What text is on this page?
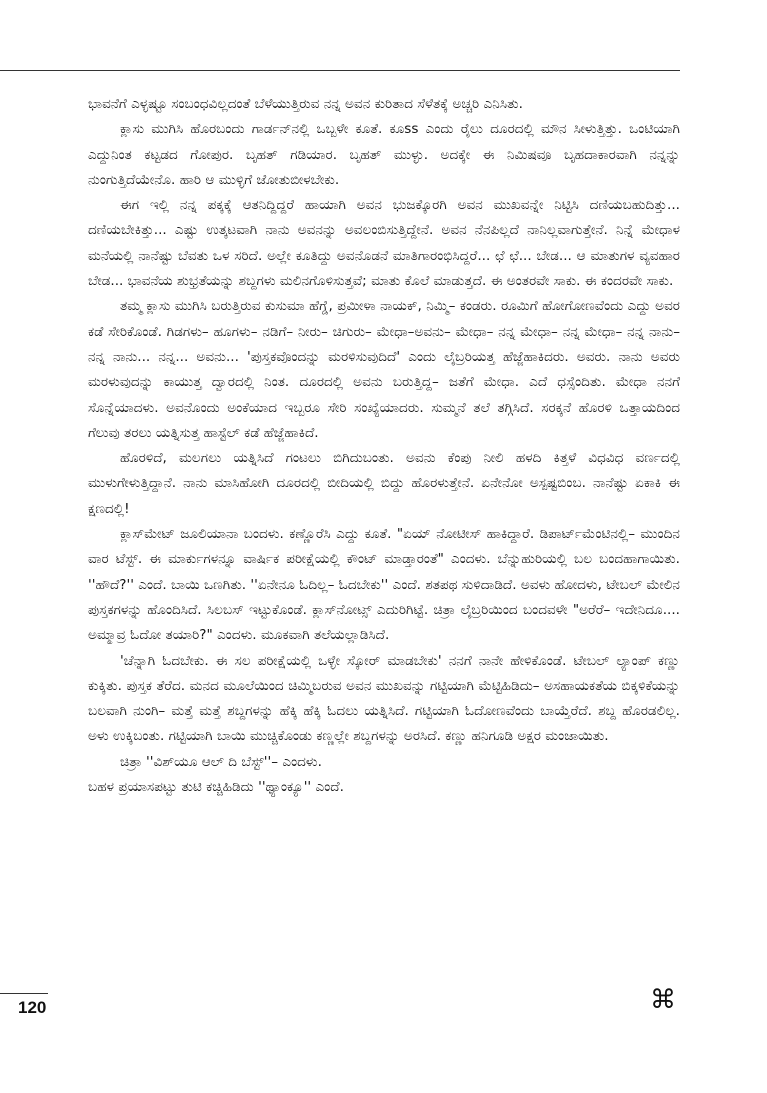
ಭಾವನೆಗೆ ಎಳ್ಳಷ್ಟೂ ಸಂಬಂಧವಿಲ್ಲದಂತೆ ಬೆಳೆಯುತ್ತಿರುವ ನನ್ನ ಅವನ ಕುರಿತಾದ ಸೆಳೆತಕ್ಕೆ ಅಚ್ಚರಿ ಎನಿಸಿತು.

ಕ್ಲಾಸು ಮುಗಿಸಿ ಹೊರಬಂದು ಗಾರ್ಡನ್‌ನಲ್ಲಿ ಒಬ್ಬಳೇ ಕೂತೆ. ಕೂss ಎಂದು ರೈಲು ದೂರದಲ್ಲಿ ಮೌನ ಸೀಳುತ್ತಿತ್ತು. ಒಂಟಿಯಾಗಿ ಎದ್ದುನಿಂತ ಕಟ್ಟಡದ ಗೋಪುರ. ಬೃಹತ್ ಗಡಿಯಾರ. ಬೃಹತ್ ಮುಳ್ಳು. ಅದಕ್ಕೇ ಈ ನಿಮಿಷವೂ ಬೃಹದಾಕಾರವಾಗಿ ನನ್ನನ್ನು ನುಂಗುತ್ತಿದೆಯೇನೊ. ಹಾರಿ ಆ ಮುಳ್ಳಿಗೆ ಜೋತುಬೀಳಬೇಕು.

ಈಗ ಇಲ್ಲಿ ನನ್ನ ಪಕ್ಕಕ್ಕೆ ಆತನಿದ್ದಿದ್ದರೆ ಹಾಯಾಗಿ ಅವನ ಭುಜಕ್ಕೊರಗಿ ಅವನ ಮುಖವನ್ನೇ ನಿಟ್ಟಿಸಿ ದಣಿಯಬಹುದಿತ್ತು... ದಣಿಯಬೇಕಿತ್ತು... ಎಷ್ಟು ಉತ್ಕಟವಾಗಿ ನಾನು ಅವನನ್ನು ಅವಲಂಬಿಸುತ್ತಿದ್ದೇನೆ. ಅವನ ನೆನಪಿಲ್ಲದೆ ನಾನಿಲ್ಲವಾಗುತ್ತೇನೆ. ನಿನ್ನೆ ಮೇಧಾಳ ಮನೆಯಲ್ಲಿ ನಾನೆಷ್ಟು ಬೆವತು ಒಳ ಸರಿದೆ. ಅಲ್ಲೇ ಕೂತಿದ್ದು ಅವನೊಡನೆ ಮಾತಿಗಾರಂಭಿಸಿದ್ದರೆ... ಛೆ ಛೆ... ಬೇಡ... ಆ ಮಾತುಗಳ ವ್ಯವಹಾರ ಬೇಡ... ಭಾವನೆಯ ಶುಭ್ರತೆಯನ್ನು ಶಬ್ದಗಳು ಮಲಿನಗೊಳಿಸುತ್ತವೆ; ಮಾತು ಕೊಲೆ ಮಾಡುತ್ತದೆ. ಈ ಅಂತರವೇ ಸಾಕು. ಈ ಕಂದರವೇ ಸಾಕು.

ತಮ್ಮ ಕ್ಲಾಸು ಮುಗಿಸಿ ಬರುತ್ತಿರುವ ಕುಸುಮಾ ಹೆಗ್ಡೆ, ಪ್ರಮೀಳಾ ನಾಯಕ್, ನಿಮ್ಮಿ– ಕಂಡರು. ರೂಮಿಗೆ ಹೋಗೋಣವೆಂದು ಎದ್ದು ಅವರ ಕಡೆ ಸೇರಿಕೊಂಡೆ. ಗಿಡಗಳು– ಹೂಗಳು– ನಡಿಗೆ– ನೀರು– ಚಿಗುರು– ಮೇಧಾ–ಅವನು– ಮೇಧಾ– ನನ್ನ ಮೇಧಾ– ನನ್ನ ಮೇಧಾ– ನನ್ನ ನಾನು– ನನ್ನ ನಾನು... ನನ್ನ... ಅವನು... 'ಪುಸ್ತಕವೊಂದನ್ನು ಮರಳಿಸುವುದಿದೆ' ಎಂದು ಲೈಬ್ರರಿಯತ್ತ ಹೆಜ್ಜೆಹಾಕಿದರು. ಅವರು. ನಾನು ಅವರು ಮರಳುವುದನ್ನು ಕಾಯುತ್ತ ದ್ವಾರದಲ್ಲಿ ನಿಂತ. ದೂರದಲ್ಲಿ ಅವನು ಬರುತ್ತಿದ್ದ– ಜತೆಗೆ ಮೇಧಾ. ಎದೆ ಧಸ್ಸೆಂದಿತು. ಮೇಧಾ ನನಗೆ ಸೊನ್ನೆಯಾದಳು. ಅವನೊಂದು ಅಂಕೆಯಾದ ಇಬ್ಬರೂ ಸೇರಿ ಸಂಖ್ಯೆಯಾದರು. ಸುಮ್ಮನೆ ತಲೆ ತಗ್ಗಿಸಿದೆ. ಸರಕ್ಕನೆ ಹೊರಳಿ ಒತ್ತಾಯದಿಂದ ಗೆಲುವು ತರಲು ಯತ್ನಿಸುತ್ತ ಹಾಸ್ಟೆಲ್ ಕಡೆ ಹೆಜ್ಜೆಹಾಕಿದೆ.

ಹೊರಳಿದೆ, ಮಲಗಲು ಯತ್ನಿಸಿದೆ ಗಂಟಲು ಬಿಗಿದುಬಂತು. ಅವನು ಕೆಂಪು ನೀಲಿ ಹಳದಿ ಕಿತ್ತಳೆ ವಿಧವಿಧ ವರ್ಣದಲ್ಲಿ ಮುಳುಗೇಳುತ್ತಿದ್ದಾನೆ. ನಾನು ಮಾಸಿಹೋಗಿ ದೂರದಲ್ಲಿ ಬೀದಿಯಲ್ಲಿ ಬಿದ್ದು ಹೊರಳುತ್ತೇನೆ. ಏನೇನೋ ಅಸ್ಪಷ್ಟಬಿಂಬ. ನಾನೆಷ್ಟು ಏಕಾಕಿ ಈ ಕ್ಷಣದಲ್ಲಿ!

ಕ್ಲಾಸ್‌ಮೇಟ್ ಜೂಲಿಯಾನಾ ಬಂದಳು. ಕಣ್ಣೊರೆಸಿ ಎದ್ದು ಕೂತೆ. "ಏಯ್ ನೋಟೀಸ್ ಹಾಕಿದ್ದಾರೆ. ಡಿಪಾರ್ಟ್‌ಮೆಂಟಿನಲ್ಲಿ– ಮುಂದಿನ ವಾರ ಟೆಸ್ಟ್. ಈ ಮಾರ್ಕುಗಳನ್ನೂ ವಾರ್ಷಿಕ ಪರೀಕ್ಷೆಯಲ್ಲಿ ಕೌಂಟ್ ಮಾಡ್ತಾರಂತೆ" ಎಂದಳು. ಬೆನ್ನುಹುರಿಯಲ್ಲಿ ಬಲ ಬಂದಹಾಗಾಯಿತು. ''ಹೌದೆ?'' ಎಂದೆ. ಬಾಯಿ ಒಣಗಿತು. ''ಏನೇನೂ ಓದಿಲ್ಲ– ಓದಬೇಕು'' ಎಂದೆ. ಶತಪಥ ಸುಳಿದಾಡಿದೆ. ಅವಳು ಹೋದಳು, ಟೇಬಲ್ ಮೇಲಿನ ಪುಸ್ತಕಗಳನ್ನು ಹೊಂದಿಸಿದೆ. ಸಿಲಬಸ್ ಇಟ್ಟುಕೊಂಡೆ. ಕ್ಲಾಸ್‌ನೋಟ್ಸ್ ಎದುರಿಗಿಟ್ಟೆ. ಚಿತ್ರಾ ಲೈಬ್ರರಿಯಿಂದ ಬಂದವಳೇ "ಅರೆರೆ– ಇದೇನಿದೂ.... ಅಮ್ಮಾವ್ರ ಓದೋ ತಯಾರಿ?" ಎಂದಳು. ಮೂಕವಾಗಿ ತಲೆಯಲ್ಲಾಡಿಸಿದೆ.

'ಚೆನ್ನಾಗಿ ಓದಬೇಕು. ಈ ಸಲ ಪರೀಕ್ಷೆಯಲ್ಲಿ ಒಳ್ಳೇ ಸ್ಕೋರ್ ಮಾಡಬೇಕು' ನನಗೆ ನಾನೇ ಹೇಳಿಕೊಂಡೆ. ಟೇಬಲ್ ಲ್ಯಾಂಪ್ ಕಣ್ಣು ಕುಕ್ಕಿತು. ಪುಸ್ತಕ ತೆರೆದ. ಮನದ ಮೂಲೆಯಿಂದ ಚಿಮ್ಮಿಬರುವ ಅವನ ಮುಖವನ್ನು ಗಟ್ಟಿಯಾಗಿ ಮೆಟ್ಟಿಹಿಡಿದು– ಅಸಹಾಯಕತೆಯ ಬಿಕ್ಕಳಿಕೆಯನ್ನು ಬಲವಾಗಿ ನುಂಗಿ– ಮತ್ತೆ ಮತ್ತೆ ಶಬ್ದಗಳನ್ನು ಹೆಕ್ಕಿ ಹೆಕ್ಕಿ ಓದಲು ಯತ್ನಿಸಿದೆ. ಗಟ್ಟಿಯಾಗಿ ಓದೋಣವೆಂದು ಬಾಯ್ತೆರೆದೆ. ಶಬ್ದ ಹೊರಡಲಿಲ್ಲ. ಅಳು ಉಕ್ಕಿಬಂತು. ಗಟ್ಟಿಯಾಗಿ ಬಾಯಿ ಮುಚ್ಚಿಕೊಂಡು ಕಣ್ಣಲ್ಲೇ ಶಬ್ದಗಳನ್ನು ಅರಸಿದೆ. ಕಣ್ಣು ಹನಿಗೂಡಿ ಅಕ್ಷರ ಮಂಜಾಯಿತು.

ಚಿತ್ರಾ ''ವಿಶ್‌ಯೂ ಆಲ್ ದಿ ಬೆಸ್ಟ್''– ಎಂದಳು.

ಬಹಳ ಪ್ರಯಾಸಪಟ್ಟು ತುಟಿ ಕಚ್ಚಿಹಿಡಿದು ''ಥ್ಯಾಂಕ್ಯೂ'' ಎಂದೆ.

120	⌘
